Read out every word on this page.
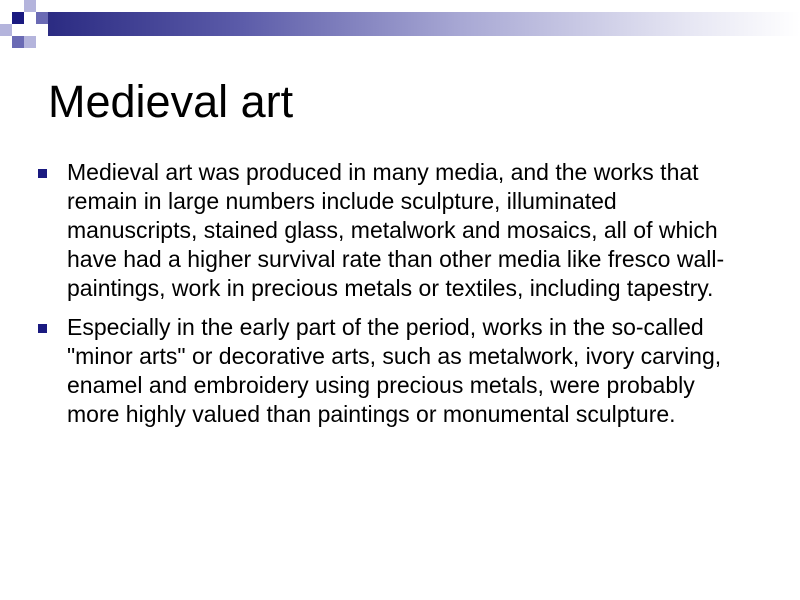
Medieval art
Medieval art was produced in many media, and the works that remain in large numbers include sculpture, illuminated manuscripts, stained glass, metalwork and mosaics, all of which have had a higher survival rate than other media like fresco wall-paintings, work in precious metals or textiles, including tapestry.
Especially in the early part of the period, works in the so-called "minor arts" or decorative arts, such as metalwork, ivory carving, enamel and embroidery using precious metals, were probably more highly valued than paintings or monumental sculpture.
